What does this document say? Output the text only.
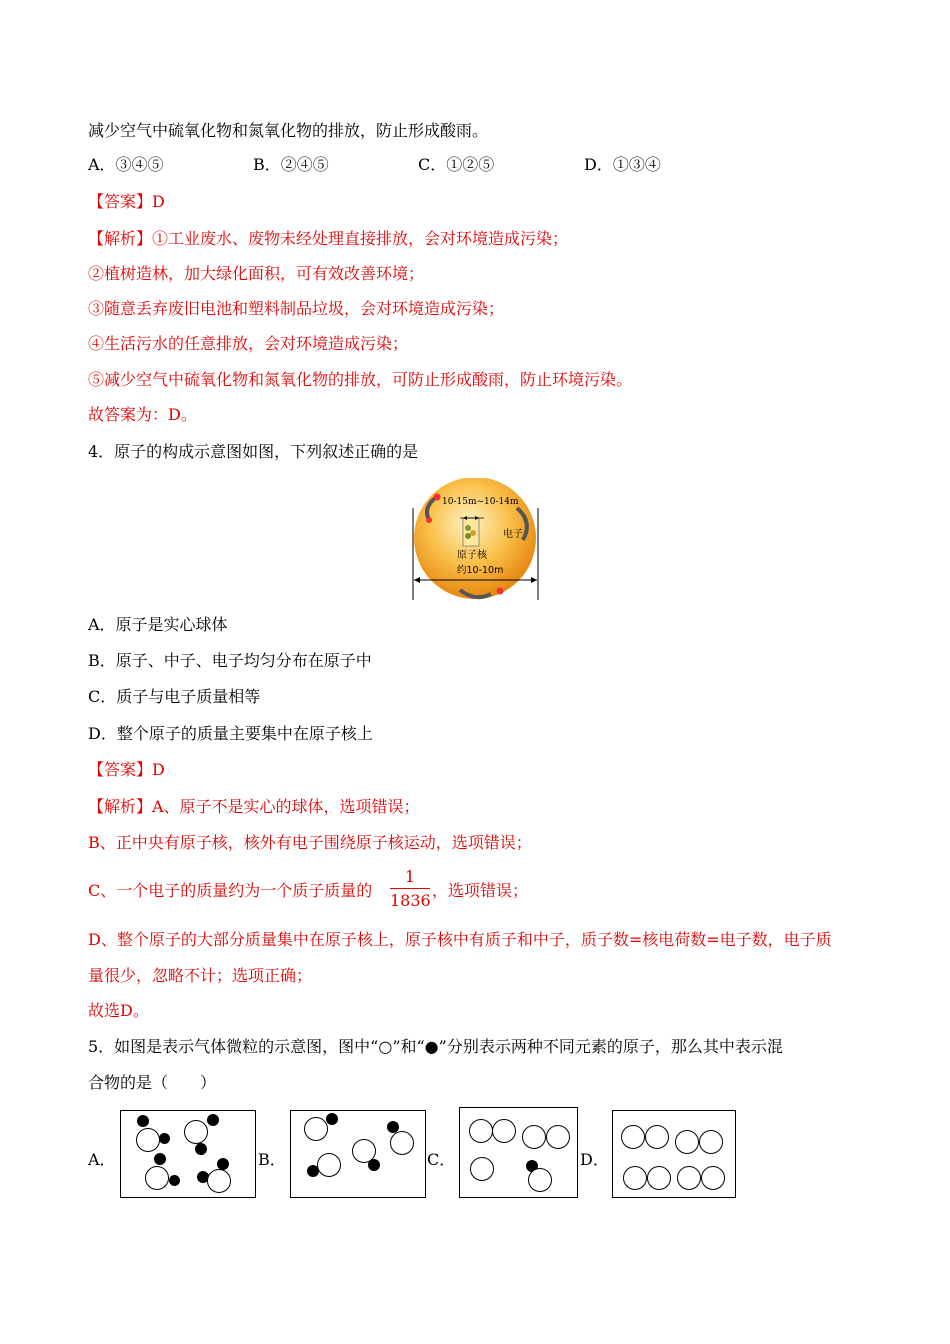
减少空气中硫氧化物和氮氧化物的排放，防止形成酸雨。
A．③④⑤	B．②④⑤	C．①②⑤	D．①③④
【答案】D
【解析】①工业废水、废物未经处理直接排放，会对环境造成污染；
②植树造林，加大绿化面积，可有效改善环境；
③随意丢弃废旧电池和塑料制品垃圾，会对环境造成污染；
④生活污水的任意排放，会对环境造成污染；
⑤减少空气中硫氧化物和氮氧化物的排放，可防止形成酸雨，防止环境污染。
故答案为：D。
4．原子的构成示意图如图，下列叙述正确的是
10-15m~10-14m
电子
原子核
约10-10m
A．原子是实心球体
B．原子、中子、电子均匀分布在原子中
C．质子与电子质量相等
D．整个原子的质量主要集中在原子核上
【答案】D
【解析】A、原子不是实心的球体，选项错误；
B、正中央有原子核，核外有电子围绕原子核运动，选项错误；
C、一个电子的质量约为一个质子质量的
1
1836
，选项错误；
D、整个原子的大部分质量集中在原子核上，原子核中有质子和中子，质子数=核电荷数=电子数，电子质
量很少，忽略不计；选项正确；
故选D。
5．如图是表示气体微粒的示意图，图中“○”和“●”分别表示两种不同元素的原子，那么其中表示混
合物的是（　　）
A．	B．	C．	D．
